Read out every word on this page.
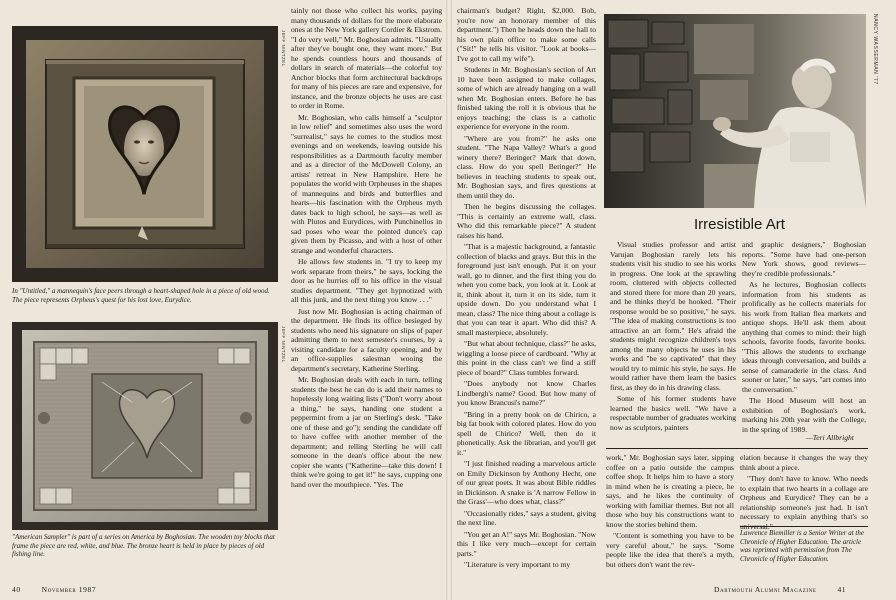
JEFF NINTZEL
In "Untitled," a mannequin's face peers through a heart-shaped hole in a piece of old wood. The piece represents Orpheus's quest for his lost love, Eurydice.
JEFF NINTZEL
"American Sampler" is part of a series on America by Boghosian. The wooden toy blocks that frame the piece are red, white, and blue. The bronze heart is held in place by pieces of old fishing line.
40	November 1987

tainly not those who collect his works, paying many thousands of dollars for the more elaborate ones at the New York gallery Cordier & Ekstrom. "I do very well," Mr. Boghosian admits. "Usually after they've bought one, they want more." But he spends countless hours and thousands of dollars in search of materials—the colorful toy Anchor blocks that form architectural backdrops for many of his pieces are rare and expensive, for instance, and the bronze objects he uses are cast to order in Rome.

Mr. Boghosian, who calls himself a "sculptor in low relief" and sometimes also uses the word "surrealist," says he comes to the studios most evenings and on weekends, leaving outside his responsibilities as a Dartmouth faculty member and as a director of the McDowell Colony, an artists' retreat in New Hampshire. Here he populates the world with Orpheuses in the shapes of mannequins and birds and butterflies and hearts—his fascination with the Orpheus myth dates back to high school, he says—as well as with Plutos and Eurydices, with Punchinellos in sad poses who wear the pointed dunce's cap given them by Picasso, and with a host of other strange and wonderful characters.

He allows few students in. "I try to keep my work separate from theirs," he says, locking the door as he hurries off to his office in the visual studies department. "They get hypnotized with all this junk, and the next thing you know . . ."

Just now Mr. Boghosian is acting chairman of the department. He finds its office besieged by students who need his signature on slips of paper admitting them to next semester's courses, by a visiting candidate for a faculty opening, and by an office-supplies salesman wooing the department's secretary, Katherine Sterling.

Mr. Boghosian deals with each in turn, telling students the best he can do is add their names to hopelessly long waiting lists ("Don't worry about a thing," he says, handing one student a peppermint from a jar on Sterling's desk. "Take one of these and go"); sending the candidate off to have coffee with another member of the department; and telling Sterling he will call someone in the dean's office about the new copier she wants ("Katherine—take this down! I think we're going to get it!" he says, cupping one hand over the mouthpiece. "Yes. The

chairman's budget? Right, $2,000. Bob, you're now an honorary member of this department.") Then he heads down the hall to his own plain office to make some calls ("Sit!" he tells his visitor. "Look at books—I've got to call my wife").

Students in Mr. Boghosian's section of Art 10 have been assigned to make collages, some of which are already hanging on a wall when Mr. Boghosian enters. Before he has finished taking the roll it is obvious that he enjoys teaching; the class is a catholic experience for everyone in the room.

"Where are you from?" he asks one student. "The Napa Valley? What's a good winery there? Beringer? Mark that down, class. How do you spell Beringer?" He believes in teaching students to speak out, Mr. Boghosian says, and fires questions at them until they do.

Then he begins discussing the collages. "This is certainly an extreme wall, class. Who did this remarkable piece?" A student raises his hand.

"That is a majestic background, a fantastic collection of blacks and grays. But this in the foreground just isn't enough. Put it on your wall, go to dinner, and the first thing you do when you come back, you look at it. Look at it, think about it, turn it on its side, turn it upside down. Do you understand what I mean, class? The nice thing about a collage is that you can tear it apart. Who did this? A small masterpiece, absolutely.

"But what about technique, class?" he asks, wiggling a loose piece of cardboard. "Why at this point in the class can't we find a stiff piece of board?" Class tumbles forward.

"Does anybody not know Charles Lindbergh's name? Good. But how many of you know Brancusi's name?"

"Bring in a pretty book on de Chirico, a big fat book with colored plates. How do you spell de Chirico? Well, then do it phonetically. Ask the librarian, and you'll get it."

"I just finished reading a marvelous article on Emily Dickinson by Anthony Hecht, one of our great poets. It was about Bible riddles in Dickinson. A snake is 'A narrow Fellow in the Grass'—who does what, class?"

"Occasionally rides," says a student, giving the next line.

"You get an A!" says Mr. Boghosian. "Now this I like very much—except for certain parts."

"Literature is very important to my

NANCY WASSERMAN '77
Irresistible Art

Visual studies professor and artist Varujan Boghosian rarely lets his students visit his studio to see his works in progress. One look at the sprawling room, cluttered with objects collected and stored there for more than 20 years, and he thinks they'd be hooked. "Their response would be so positive," he says. "The idea of making constructions is too attractive an art form." He's afraid the students might recognize children's toys among the many objects he uses in his works and "be so captivated" that they would try to mimic his style, he says. He would rather have them learn the basics first, as they do in his drawing class.

Some of his former students have learned the basics well. "We have a respectable number of graduates working now as sculptors, painters

and graphic designers," Boghosian reports. "Some have had one-person New York shows, good reviews—they're credible professionals."

As he lectures, Boghosian collects information from his students as prolifically as he collects materials for his work from Italian flea markets and antique shops. He'll ask them about anything that comes to mind: their high schools, favorite foods, favorite books. "This allows the students to exchange ideas through conversation, and builds a sense of camaraderie in the class. And sooner or later," he says, "art comes into the conversation."

The Hood Museum will host an exhibition of Boghosian's work, marking his 20th year with the College, in the spring of 1989.

—Teri Allbright

work," Mr. Boghosian says later, sipping coffee on a patio outside the campus coffee shop. It helps him to have a story in mind when he is creating a piece, he says, and he likes the continuity of working with familiar themes. But not all those who buy his constructions want to know the stories behind them.

"Content is something you have to be very careful about," he says. "Some people like the idea that there's a myth, but others don't want the rev-

elation because it changes the way they think about a piece.

"They don't have to know. Who needs to explain that two hearts in a collage are Orpheus and Eurydice? They can be a relationship someone's just had. It isn't necessary to explain anything that's so universal."

Lawrence Biemiller is a Senior Writer at the Chronicle of Higher Education. The article was reprinted with permission from The Chronicle of Higher Education.
Dartmouth Alumni Magazine	41
